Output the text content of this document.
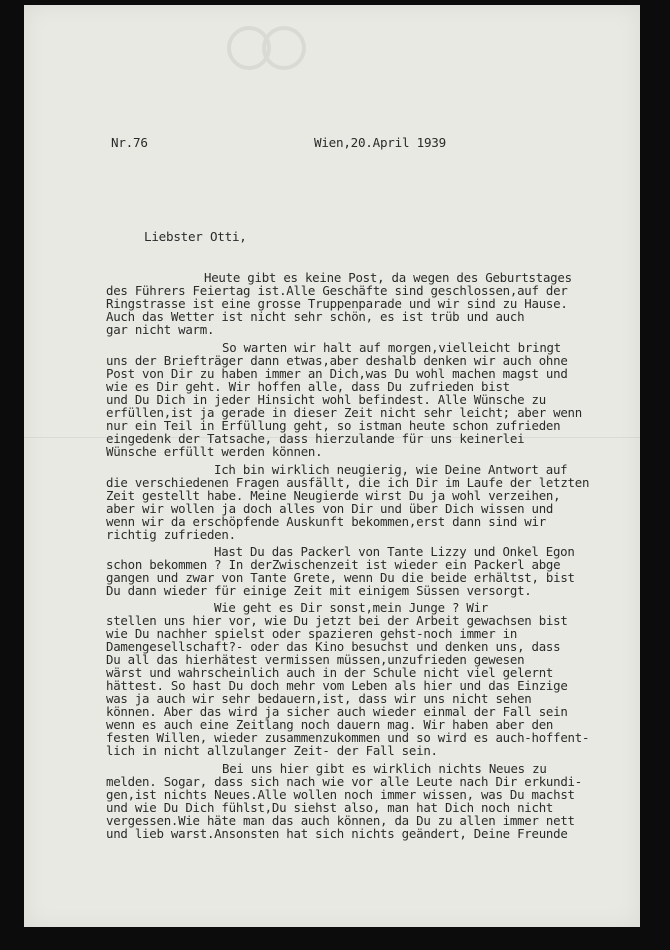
Nr.76	Wien,20.April 1939
Liebster Otti,
Heute gibt es keine Post, da wegen des Geburtstages
des Führers Feiertag ist.Alle Geschäfte sind geschlossen,auf der
Ringstrasse ist eine grosse Truppenparade und wir sind zu Hause.
Auch das Wetter ist nicht sehr schön, es ist trüb und auch
gar nicht warm.
So warten wir halt auf morgen,vielleicht bringt
uns der Briefträger dann etwas,aber deshalb denken wir auch ohne
Post von Dir zu haben immer an Dich,was Du wohl machen magst und
wie es Dir geht. Wir hoffen alle, dass Du zufrieden bist
und Du Dich in jeder Hinsicht wohl befindest. Alle Wünsche zu
erfüllen,ist ja gerade in dieser Zeit nicht sehr leicht; aber wenn
nur ein Teil in Erfüllung geht, so istman heute schon zufrieden
eingedenk der Tatsache, dass hierzulande für uns keinerlei
Wünsche erfüllt werden können.
Ich bin wirklich neugierig, wie Deine Antwort auf
die verschiedenen Fragen ausfällt, die ich Dir im Laufe der letzten
Zeit gestellt habe. Meine Neugierde wirst Du ja wohl verzeihen,
aber wir wollen ja doch alles von Dir und über Dich wissen und
wenn wir da erschöpfende Auskunft bekommen,erst dann sind wir
richtig zufrieden.
Hast Du das Packerl von Tante Lizzy und Onkel Egon
schon bekommen ? In derZwischenzeit ist wieder ein Packerl abge
gangen und zwar von Tante Grete, wenn Du die beide erhältst, bist
Du dann wieder für einige Zeit mit einigem Süssen versorgt.
Wie geht es Dir sonst,mein Junge ? Wir
stellen uns hier vor, wie Du jetzt bei der Arbeit gewachsen bist
wie Du nachher spielst oder spazieren gehst-noch immer in
Damengesellschaft?- oder das Kino besuchst und denken uns, dass
Du all das hierhätest vermissen müssen,unzufrieden gewesen
wärst und wahrscheinlich auch in der Schule nicht viel gelernt
hättest. So hast Du doch mehr vom Leben als hier und das Einzige
was ja auch wir sehr bedauern,ist, dass wir uns nicht sehen
können. Aber das wird ja sicher auch wieder einmal der Fall sein
wenn es auch eine Zeitlang noch dauern mag. Wir haben aber den
festen Willen, wieder zusammenzukommen und so wird es auch-hoffent-
lich in nicht allzulanger Zeit- der Fall sein.
Bei uns hier gibt es wirklich nichts Neues zu
melden. Sogar, dass sich nach wie vor alle Leute nach Dir erkundi-
gen,ist nichts Neues.Alle wollen noch immer wissen, was Du machst
und wie Du Dich fühlst,Du siehst also, man hat Dich noch nicht
vergessen.Wie häte man das auch können, da Du zu allen immer nett
und lieb warst.Ansonsten hat sich nichts geändert, Deine Freunde
